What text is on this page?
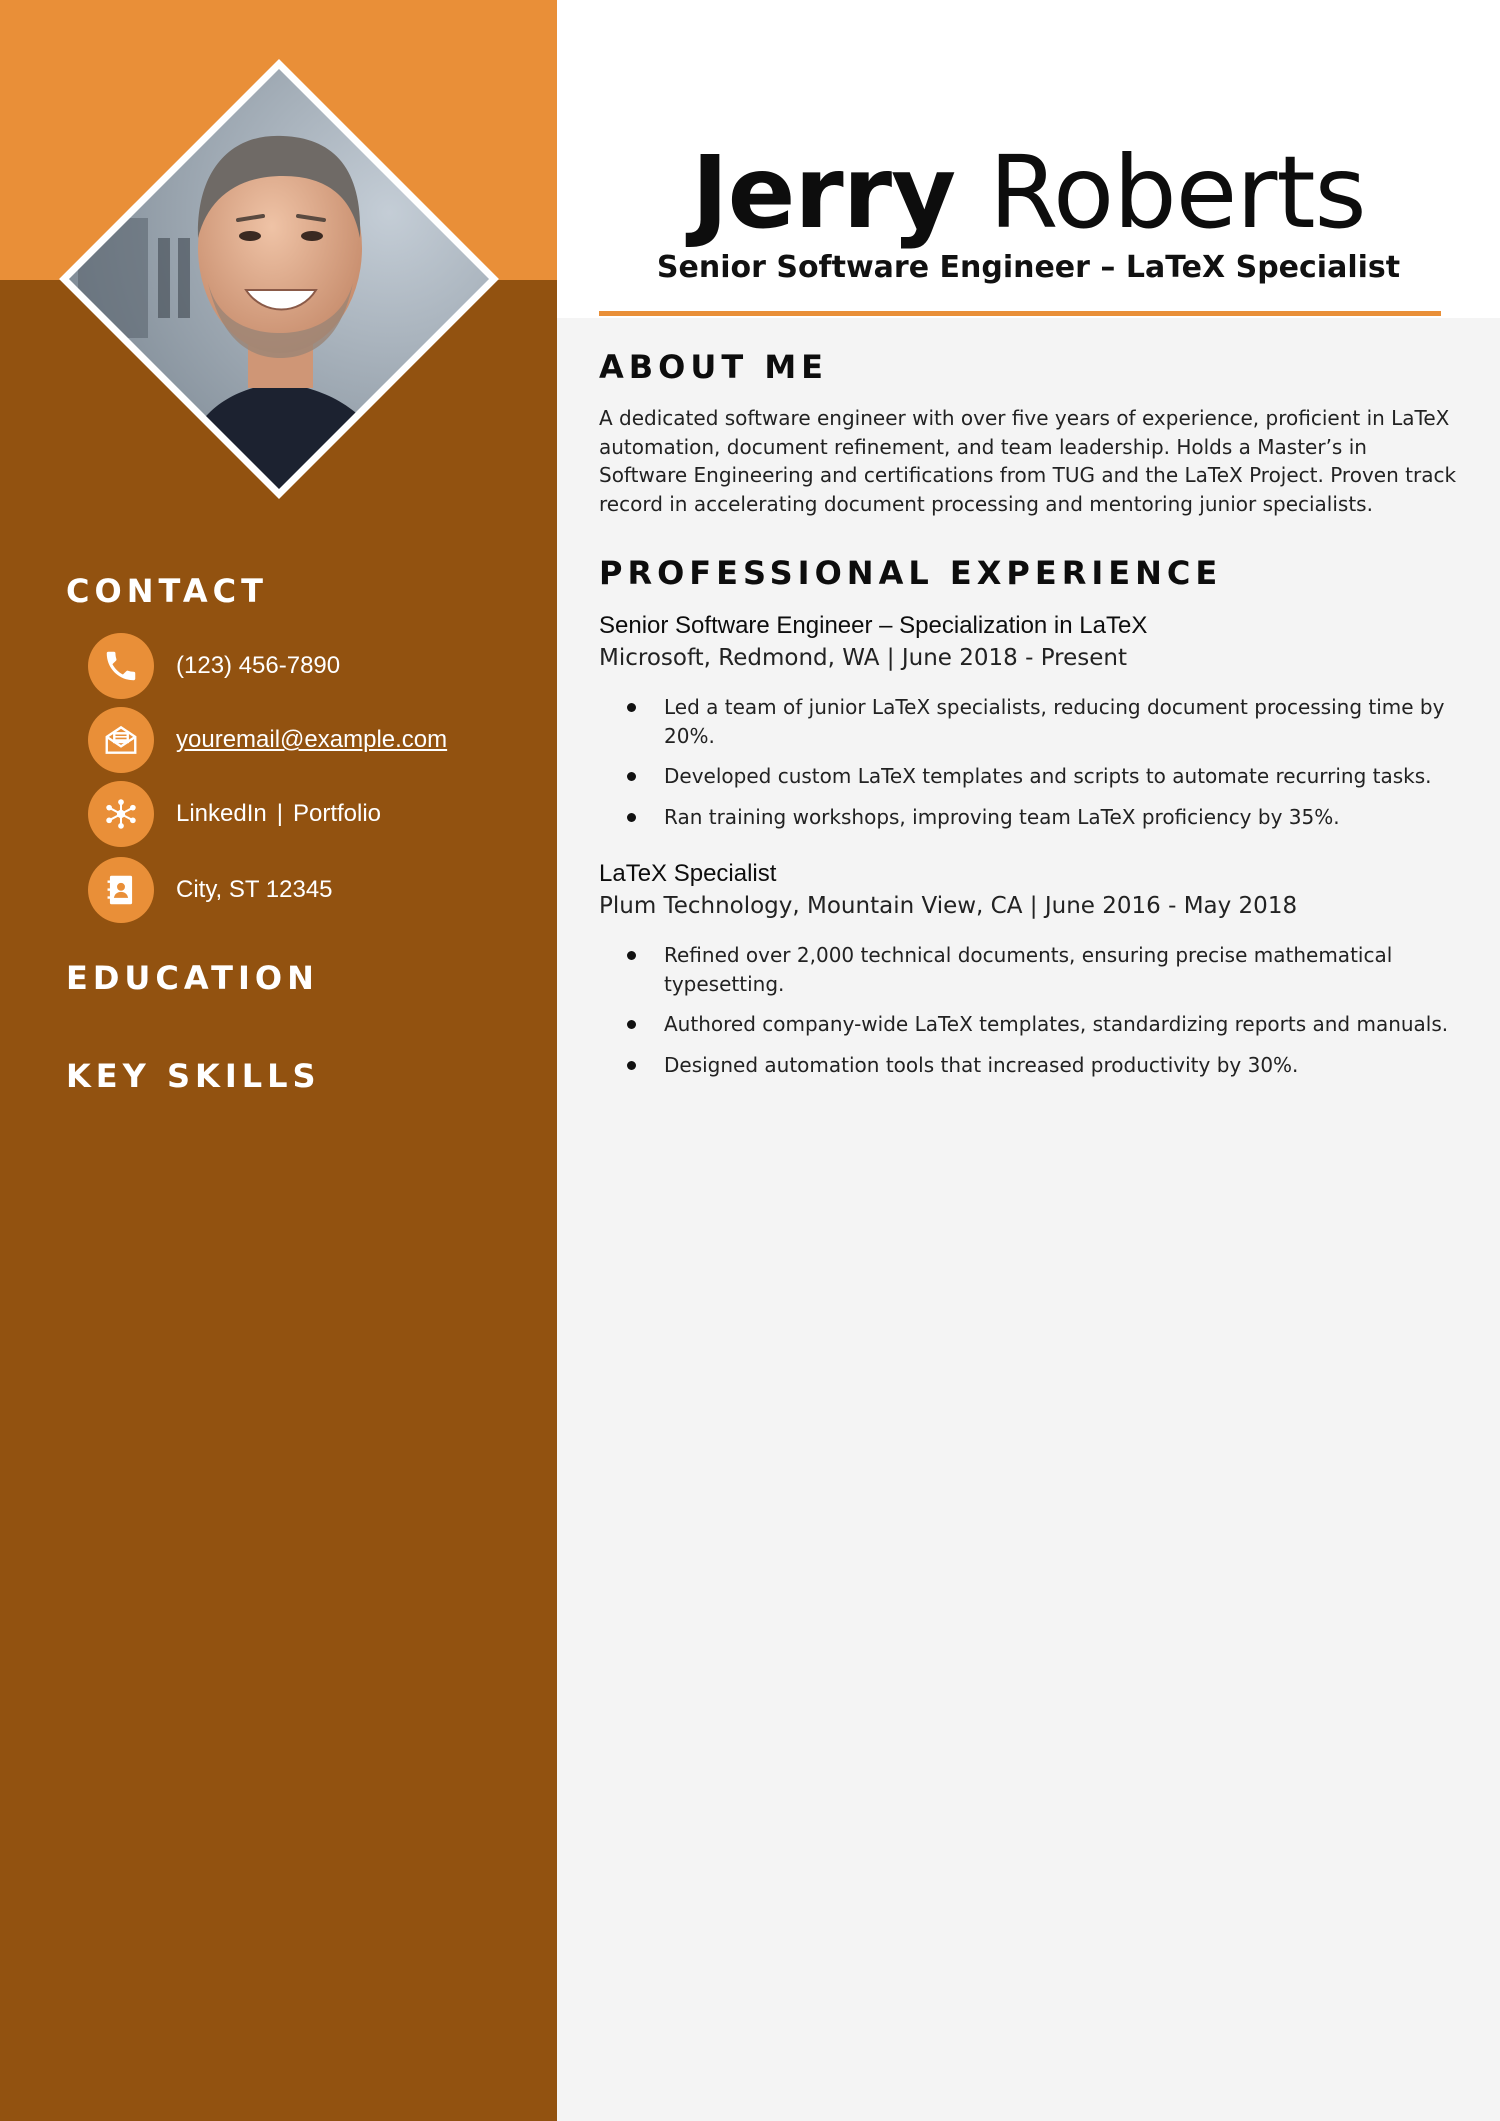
Jerry Roberts
Senior Software Engineer – LaTeX Specialist
CONTACT
(123) 456-7890
youremail@example.com
LinkedIn | Portfolio
City, ST 12345
EDUCATION
KEY SKILLS
ABOUT ME

A dedicated software engineer with over five years of experience, proficient in LaTeX automation, document refinement, and team leadership. Holds a Master’s in Software Engineering and certifications from TUG and the LaTeX Project. Proven track record in accelerating document processing and mentoring junior specialists.

PROFESSIONAL EXPERIENCE

Senior Software Engineer – Specialization in LaTeX

Microsoft, Redmond, WA | June 2018 - Present

Led a team of junior LaTeX specialists, reducing document processing time by 20%.
Developed custom LaTeX templates and scripts to automate recurring tasks.
Ran training workshops, improving team LaTeX proficiency by 35%.

LaTeX Specialist

Plum Technology, Mountain View, CA | June 2016 - May 2018

Refined over 2,000 technical documents, ensuring precise mathematical typesetting.
Authored company-wide LaTeX templates, standardizing reports and manuals.
Designed automation tools that increased productivity by 30%.
